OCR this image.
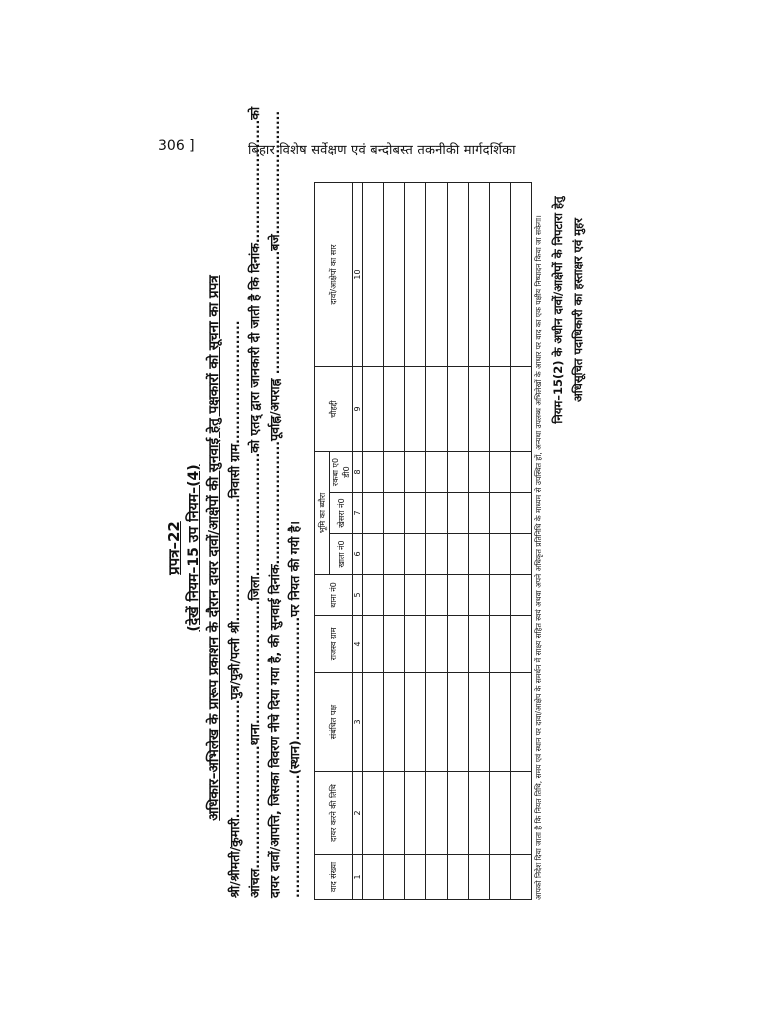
306 ]	बिहार विशेष सर्वेक्षण एवं बन्दोबस्त तकनीकी मार्गदर्शिका
प्रपत्र–22 (देखें नियम–15 उप नियम–(4) अधिकार–अभिलेख के प्रारूप प्रकाशन के दौरान दायर दावों/आक्षेपों की सुनवाई हेतु पक्षकारों को सूचना का प्रपत्र श्री/श्रीमती/कुमारी.........................पुत्र/पुत्री/पत्नी श्री..........................निवासी ग्राम.......................... आंचल..........................थाना..........................जिला..........................को एतद् द्वारा जानकारी दी जाती है कि दिनांक..........................को दायर दावों/आपत्ति, जिसका विवरण नीचे दिया गया है, की सुनवाई दिनांक..........................पूर्वाह्न/अपराह्न ..........................बजे.......................... ..........................(स्थान)..........................पर नियत की गयी है।	वाद संख्या	दायर करने की तिथि	संबंधित पक्ष	राजस्व ग्राम	थाना नं0	भूमि का ब्यौरा			चौहद्दी	दावों/आक्षेपों का सार
					खाता नं0	खेसरा नं0	रकबा ए0 डी0		
1	2	3	4	5	6	7	8	9	10

										आपको निदेश दिया जाता है कि नियत तिथि, समय एवं स्थान पर दावा/आक्षेप के समर्थन में साक्ष्य सहित स्वयं अथवा अपने अधिकृत प्रतिनिधि के माध्यम से उपस्थित हों, अन्यथा उपलब्ध अभिलेखों के आधार पर वाद का एक पक्षीय निष्पादन किया जा सकेगा। नियम–15(2) के अधीन दावों/आक्षेपों के निपटारा हेतु अधिसूचित पदाधिकारी का हस्ताक्षर एवं मुहर
